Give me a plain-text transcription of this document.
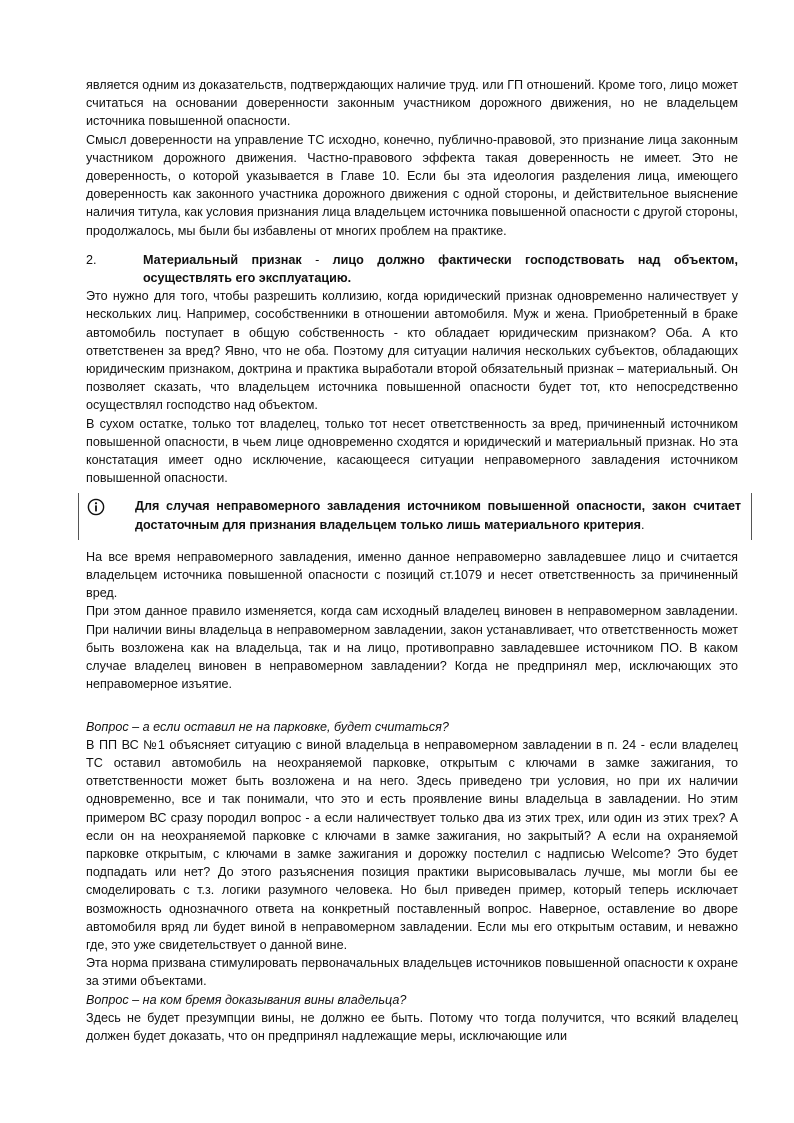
является одним из доказательств, подтверждающих наличие труд. или ГП отношений. Кроме того, лицо может считаться на основании доверенности законным участником дорожного движения, но не владельцем источника повышенной опасности.

Смысл доверенности на управление ТС исходно, конечно, публично-правовой, это признание лица законным участником дорожного движения. Частно-правового эффекта такая доверенность не имеет. Это не доверенность, о которой указывается в Главе 10. Если бы эта идеология разделения лица, имеющего доверенность как законного участника дорожного движения с одной стороны, и действительное выяснение наличия титула, как условия признания лица владельцем источника повышенной опасности с другой стороны, продолжалось, мы были бы избавлены от многих проблем на практике.

2.	Материальный признак - лицо должно фактически господствовать над объектом, осуществлять его эксплуатацию.

Это нужно для того, чтобы разрешить коллизию, когда юридический признак одновременно наличествует у нескольких лиц. Например, сособственники в отношении автомобиля. Муж и жена. Приобретенный в браке автомобиль поступает в общую собственность - кто обладает юридическим признаком? Оба. А кто ответственен за вред? Явно, что не оба. Поэтому для ситуации наличия нескольких субъектов, обладающих юридическим признаком, доктрина и практика выработали второй обязательный признак – материальный. Он позволяет сказать, что владельцем источника повышенной опасности будет тот, кто непосредственно осуществлял господство над объектом.

В сухом остатке, только тот владелец, только тот несет ответственность за вред, причиненный источником повышенной опасности, в чьем лице одновременно сходятся и юридический и материальный признак. Но эта констатация имеет одно исключение, касающееся ситуации неправомерного завладения источником повышенной опасности.

Для случая неправомерного завладения источником повышенной опасности, закон считает достаточным для признания владельцем только лишь материального критерия.

На все время неправомерного завладения, именно данное неправомерно завладевшее лицо и считается владельцем источника повышенной опасности с позиций ст.1079 и несет ответственность за причиненный вред.

При этом данное правило изменяется, когда сам исходный владелец виновен в неправомерном завладении. При наличии вины владельца в неправомерном завладении, закон устанавливает, что ответственность может быть возложена как на владельца, так и на лицо, противоправно завладевшее источником ПО. В каком случае владелец виновен в неправомерном завладении? Когда не предпринял мер, исключающих это неправомерное изъятие.

Вопрос – а если оставил не на парковке, будет считаться?

В ПП ВС №1 объясняет ситуацию с виной владельца в неправомерном завладении в п. 24 - если владелец ТС оставил автомобиль на неохраняемой парковке, открытым с ключами в замке зажигания, то ответственности может быть возложена и на него. Здесь приведено три условия, но при их наличии одновременно, все и так понимали, что это и есть проявление вины владельца в завладении. Но этим примером ВС сразу породил вопрос - а если наличествует только два из этих трех, или один из этих трех? А если он на неохраняемой парковке с ключами в замке зажигания, но закрытый? А если на охраняемой парковке открытым, с ключами в замке зажигания и дорожку постелил с надписью Welcome? Это будет подпадать или нет? До этого разъяснения позиция практики вырисовывалась лучше, мы могли бы ее смоделировать с т.з. логики разумного человека. Но был приведен пример, который теперь исключает возможность однозначного ответа на конкретный поставленный вопрос. Наверное, оставление во дворе автомобиля вряд ли будет виной в неправомерном завладении. Если мы его открытым оставим, и неважно где, это уже свидетельствует о данной вине.

Эта норма призвана стимулировать первоначальных владельцев источников повышенной опасности к охране за этими объектами.

Вопрос – на ком бремя доказывания вины владельца?

Здесь не будет презумпции вины, не должно ее быть. Потому что тогда получится, что всякий владелец должен будет доказать, что он предпринял надлежащие меры, исключающие или
